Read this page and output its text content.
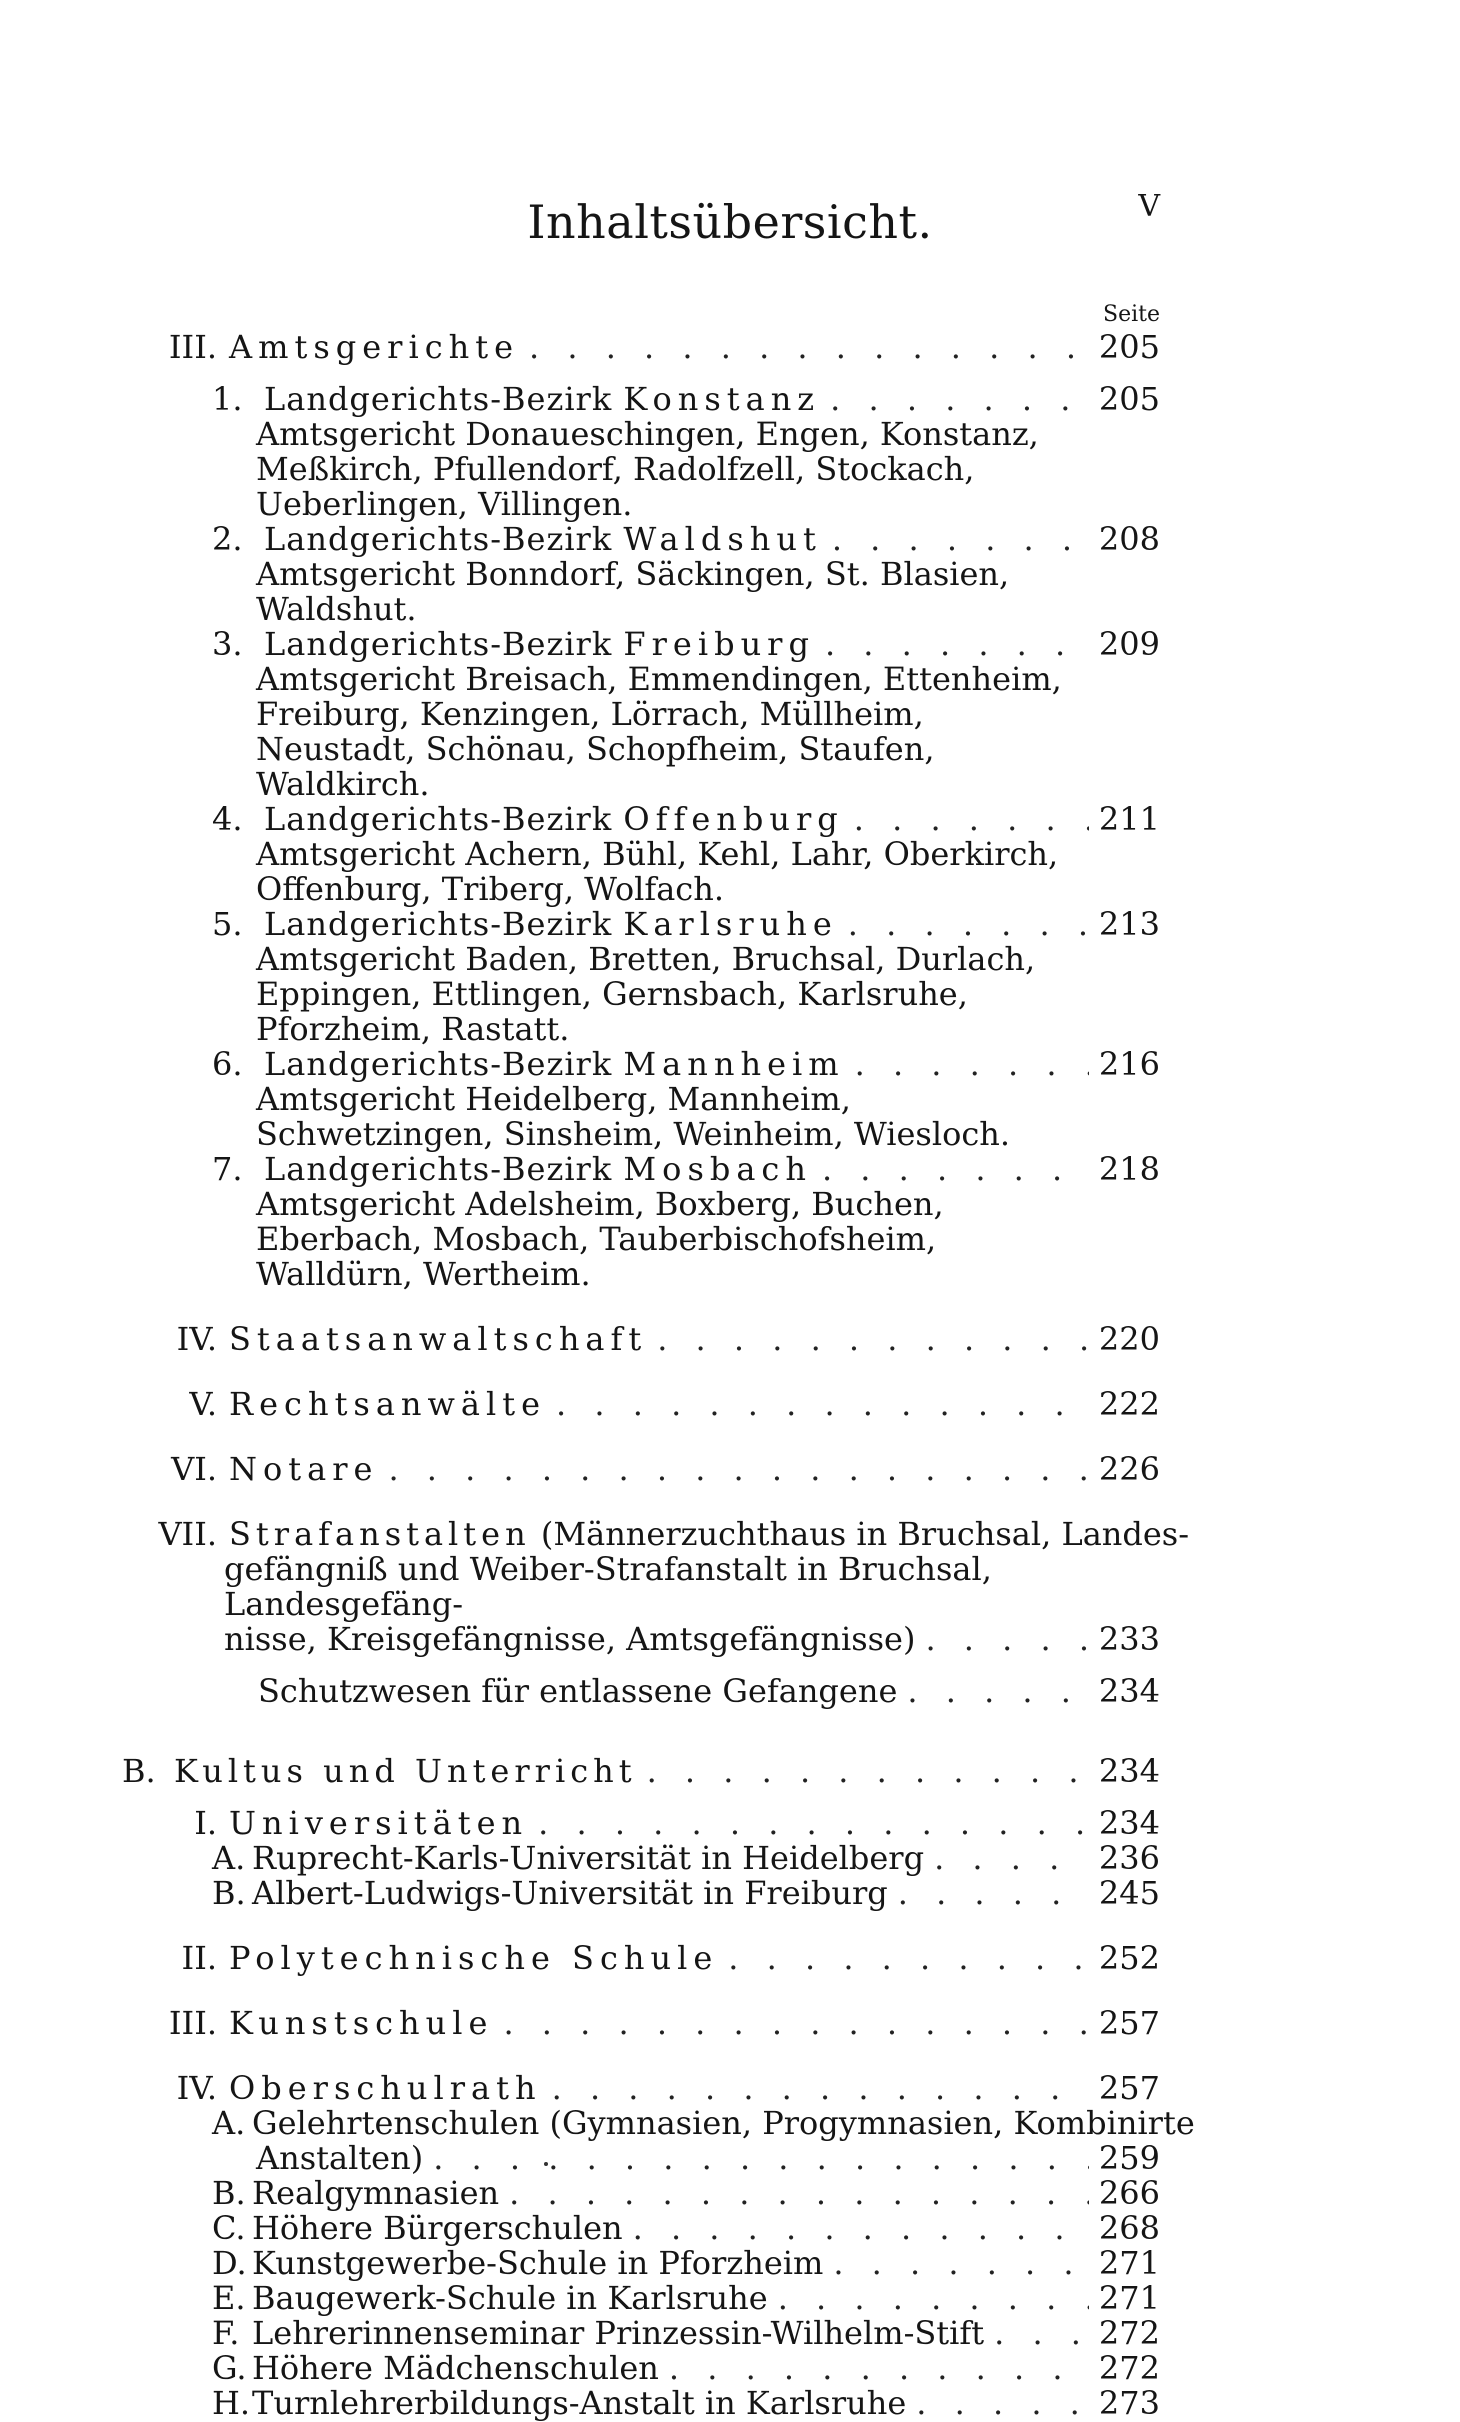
Inhaltsübersicht.	V
Seite
III. Amtsgerichte . . .	205
1. Landgerichts-Bezirk Konstanz . . .	205
Amtsgericht Donaueschingen, Engen, Konstanz, Meßkirch, Pfullendorf, Radolfzell, Stockach, Ueberlingen, Villingen.
2. Landgerichts-Bezirk Waldshut . . .	208
Amtsgericht Bonndorf, Säckingen, St. Blasien, Waldshut.
3. Landgerichts-Bezirk Freiburg . . .	209
Amtsgericht Breisach, Emmendingen, Ettenheim, Freiburg, Kenzingen, Lörrach, Müllheim, Neustadt, Schönau, Schopfheim, Staufen, Waldkirch.
4. Landgerichts-Bezirk Offenburg . . .	211
Amtsgericht Achern, Bühl, Kehl, Lahr, Oberkirch, Offenburg, Triberg, Wolfach.
5. Landgerichts-Bezirk Karlsruhe . . .	213
Amtsgericht Baden, Bretten, Bruchsal, Durlach, Eppingen, Ettlingen, Gernsbach, Karlsruhe, Pforzheim, Rastatt.
6. Landgerichts-Bezirk Mannheim . . .	216
Amtsgericht Heidelberg, Mannheim, Schwetzingen, Sinsheim, Weinheim, Wiesloch.
7. Landgerichts-Bezirk Mosbach . . .	218
Amtsgericht Adelsheim, Boxberg, Buchen, Eberbach, Mosbach, Tauberbischofsheim, Walldürn, Wertheim.
IV. Staatsanwaltschaft . . .	220
V. Rechtsanwälte . . .	222
VI. Notare . . .	226
VII. Strafanstalten (Männerzuchthaus in Bruchsal, Landes-
gefängniß und Weiber-Strafanstalt in Bruchsal, Landesgefäng-
nisse, Kreisgefängnisse, Amtsgefängnisse) . . .	233
Schutzwesen für entlassene Gefangene . . .	234
B. Kultus und Unterricht . . .	234
I. Universitäten . . .	234
A. Ruprecht-Karls-Universität in Heidelberg . . .	236
B. Albert-Ludwigs-Universität in Freiburg . . .	245
II. Polytechnische Schule . . .	252
III. Kunstschule . . .	257
IV. Oberschulrath . . .	257
A. Gelehrtenschulen (Gymnasien, Progymnasien, Kombinirte
Anstalten) . . .	259
B. Realgymnasien . . .	266
C. Höhere Bürgerschulen . . .	268
D. Kunstgewerbe-Schule in Pforzheim . . .	271
E. Baugewerk-Schule in Karlsruhe . . .	271
F. Lehrerinnenseminar Prinzessin-Wilhelm-Stift . . .	272
G. Höhere Mädchenschulen . . .	272
H. Turnlehrerbildungs-Anstalt in Karlsruhe . . .	273
